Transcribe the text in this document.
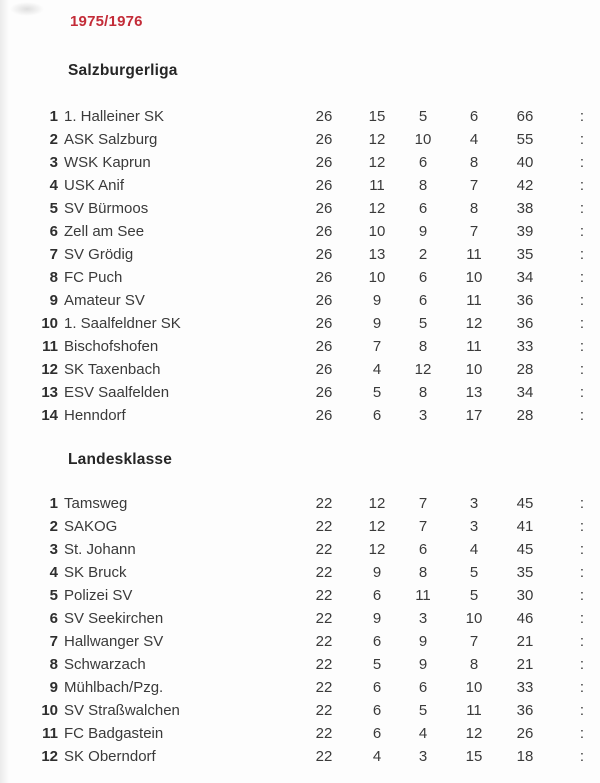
1975/1976
Salzburgerliga
1 1. Halleiner SK	26	15	5	6	66	:
2 ASK Salzburg	26	12	10	4	55	:
3 WSK Kaprun	26	12	6	8	40	:
4 USK Anif	26	11	8	7	42	:
5 SV Bürmoos	26	12	6	8	38	:
6 Zell am See	26	10	9	7	39	:
7 SV Grödig	26	13	2	11	35	:
8 FC Puch	26	10	6	10	34	:
9 Amateur SV	26	9	6	11	36	:
10 1. Saalfeldner SK	26	9	5	12	36	:
11 Bischofshofen	26	7	8	11	33	:
12 SK Taxenbach	26	4	12	10	28	:
13 ESV Saalfelden	26	5	8	13	34	:
14 Henndorf	26	6	3	17	28	:
Landesklasse
1 Tamsweg	22	12	7	3	45	:
2 SAKOG	22	12	7	3	41	:
3 St. Johann	22	12	6	4	45	:
4 SK Bruck	22	9	8	5	35	:
5 Polizei SV	22	6	11	5	30	:
6 SV Seekirchen	22	9	3	10	46	:
7 Hallwanger SV	22	6	9	7	21	:
8 Schwarzach	22	5	9	8	21	:
9 Mühlbach/Pzg.	22	6	6	10	33	:
10 SV Straßwalchen	22	6	5	11	36	:
11 FC Badgastein	22	6	4	12	26	:
12 SK Oberndorf	22	4	3	15	18	:
